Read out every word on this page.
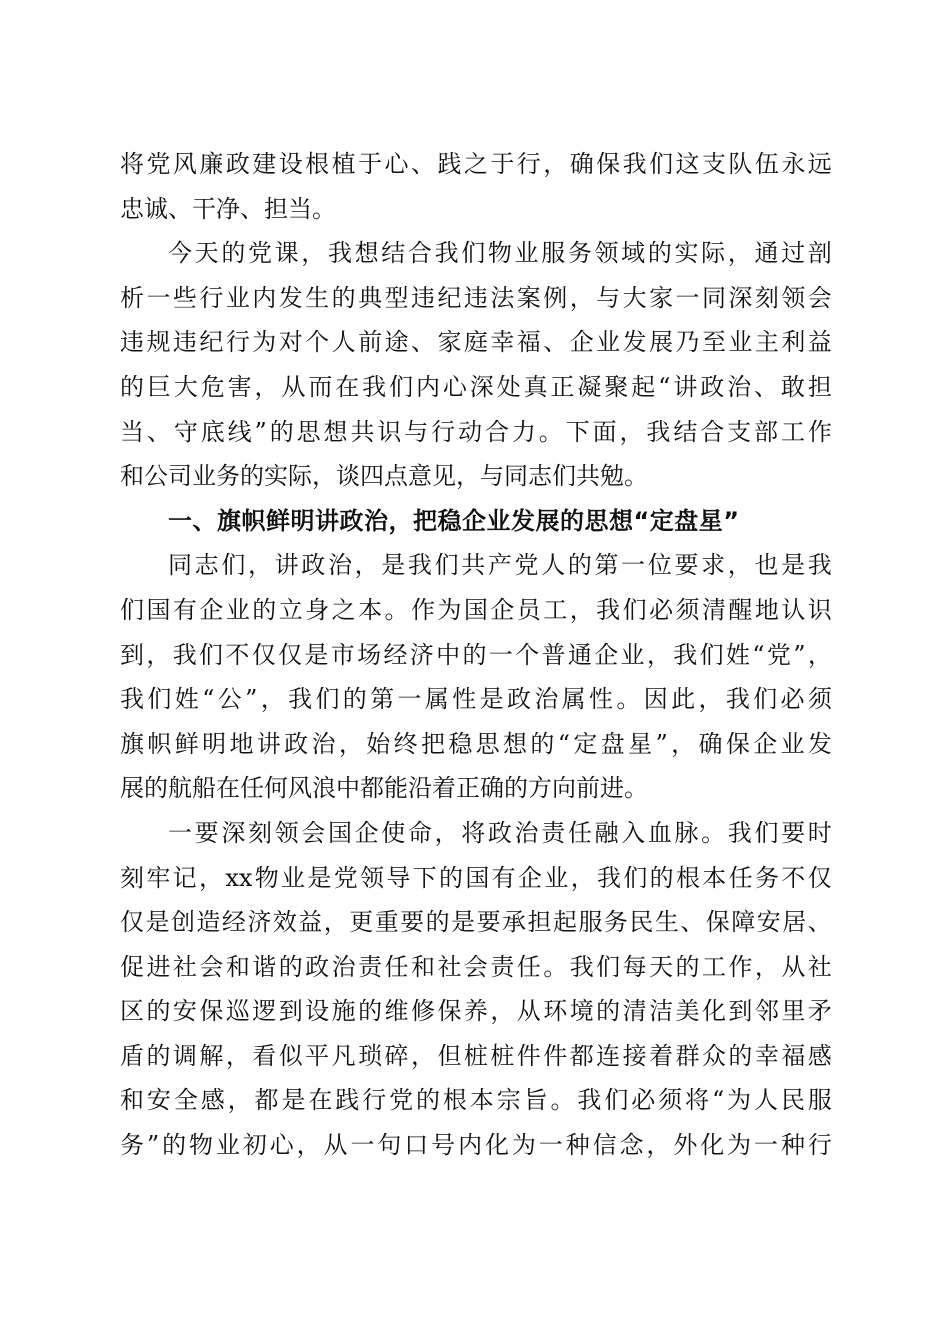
将 党 风 廉 政 建 设 根 植 于 心 、 践 之 于 行 ， 确 保 我 们 这 支 队 伍 永 远
忠诚、干净、担当。
今 天 的 党 课 ， 我 想 结 合 我 们 物 业 服 务 领 域 的 实 际 ， 通 过 剖
析 一 些 行 业 内 发 生 的 典 型 违 纪 违 法 案 例 ， 与 大 家 一 同 深 刻 领 会
违 规 违 纪 行 为 对 个 人 前 途 、 家 庭 幸 福 、 企 业 发 展 乃 至 业 主 利 益
的 巨 大 危 害 ， 从 而 在 我 们 内 心 深 处 真 正 凝 聚 起 “ 讲 政 治 、 敢 担
当 、 守 底 线 ” 的 思 想 共 识 与 行 动 合 力 。 下 面 ， 我 结 合 支 部 工 作
和公司业务的实际，谈四点意见，与同志们共勉。
一、旗帜鲜明讲政治，把稳企业发展的思想“定盘星”
同 志 们 ， 讲 政 治 ， 是 我 们 共 产 党 人 的 第 一 位 要 求 ， 也 是 我
们 国 有 企 业 的 立 身 之 本 。 作 为 国 企 员 工 ， 我 们 必 须 清 醒 地 认 识
到 ， 我 们 不 仅 仅 是 市 场 经 济 中 的 一 个 普 通 企 业 ， 我 们 姓 “ 党 ” ，
我 们 姓 “ 公 ” ， 我 们 的 第 一 属 性 是 政 治 属 性 。 因 此 ， 我 们 必 须
旗 帜 鲜 明 地 讲 政 治 ， 始 终 把 稳 思 想 的 “ 定 盘 星 ” ， 确 保 企 业 发
展的航船在任何风浪中都能沿着正确的方向前进。
一 要 深 刻 领 会 国 企 使 命 ， 将 政 治 责 任 融 入 血 脉 。 我 们 要 时
刻 牢 记 ， xx 物 业 是 党 领 导 下 的 国 有 企 业 ， 我 们 的 根 本 任 务 不 仅
仅 是 创 造 经 济 效 益 ， 更 重 要 的 是 要 承 担 起 服 务 民 生 、 保 障 安 居 、
促 进 社 会 和 谐 的 政 治 责 任 和 社 会 责 任 。 我 们 每 天 的 工 作 ， 从 社
区 的 安 保 巡 逻 到 设 施 的 维 修 保 养 ， 从 环 境 的 清 洁 美 化 到 邻 里 矛
盾 的 调 解 ， 看 似 平 凡 琐 碎 ， 但 桩 桩 件 件 都 连 接 着 群 众 的 幸 福 感
和 安 全 感 ， 都 是 在 践 行 党 的 根 本 宗 旨 。 我 们 必 须 将 “ 为 人 民 服
务 ” 的 物 业 初 心 ， 从 一 句 口 号 内 化 为 一 种 信 念 ， 外 化 为 一 种 行
